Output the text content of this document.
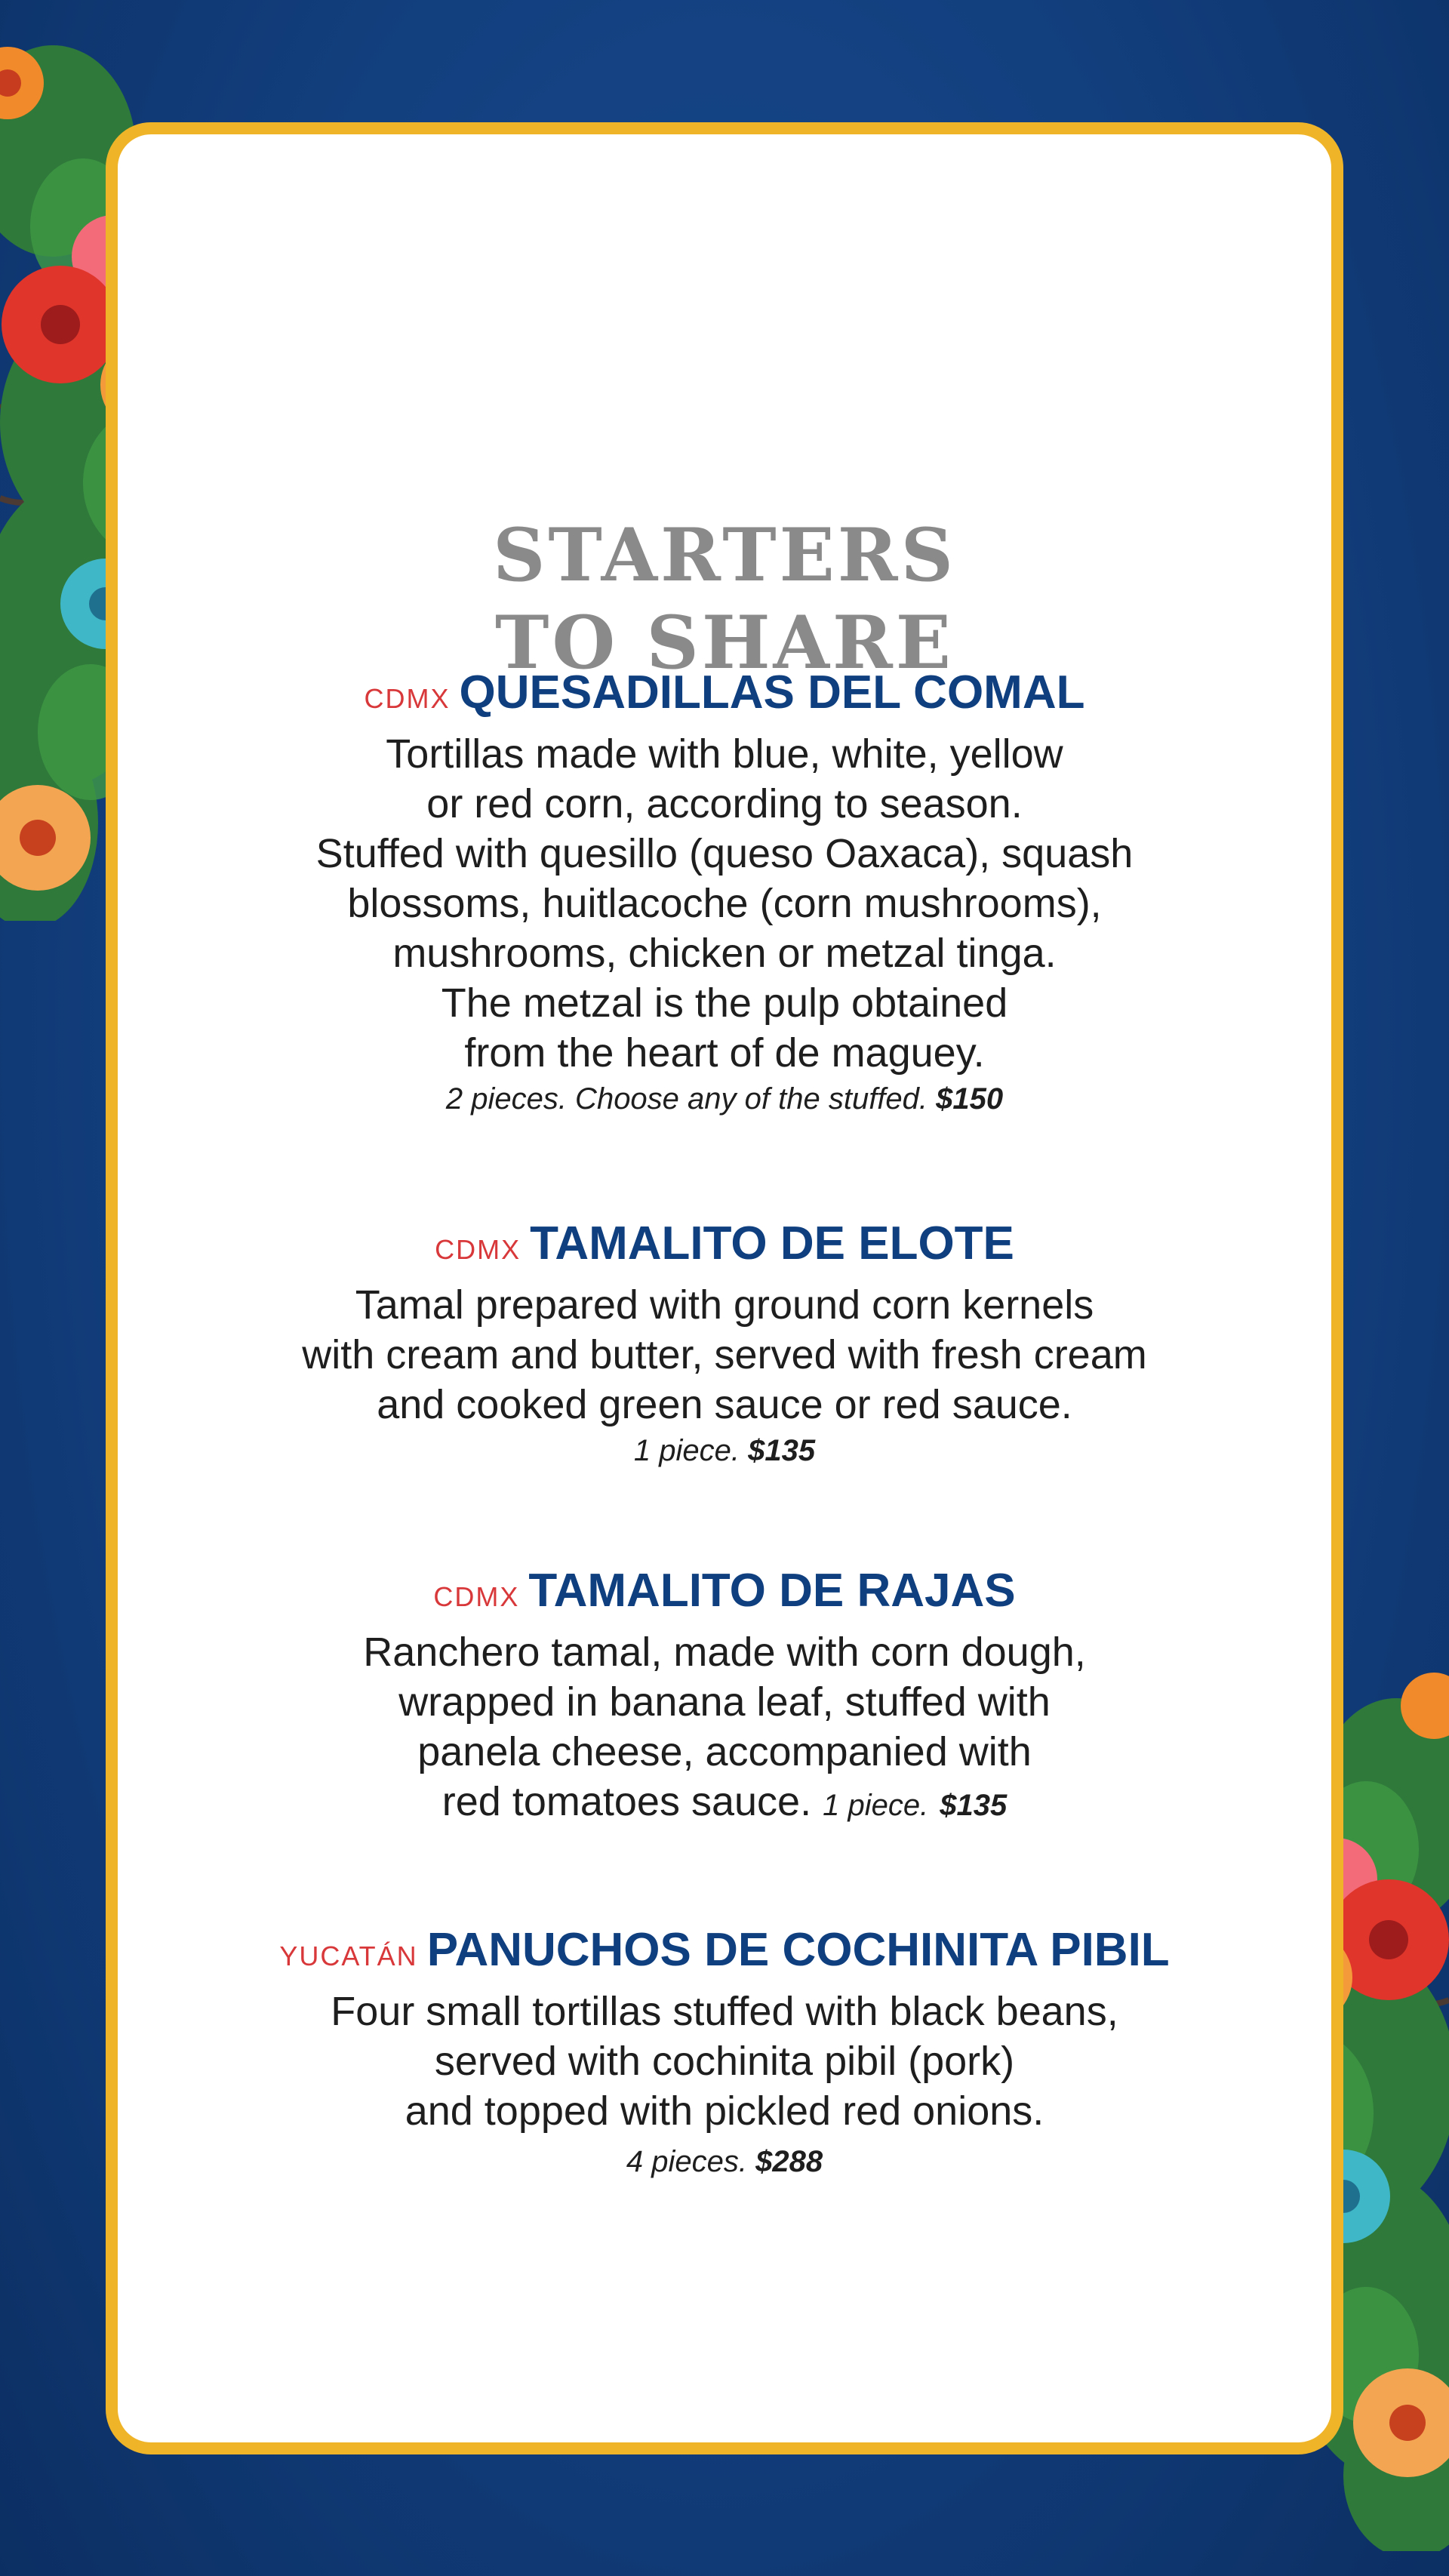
STARTERS
TO SHARE
CDMX QUESADILLAS DEL COMAL
Tortillas made with blue, white, yellow
or red corn, according to season.
Stuffed with quesillo (queso Oaxaca), squash
blossoms, huitlacoche (corn mushrooms),
mushrooms, chicken or metzal tinga.
The metzal is the pulp obtained
from the heart of de maguey.
2 pieces. Choose any of the stuffed. $150
CDMX TAMALITO DE ELOTE
Tamal prepared with ground corn kernels
with cream and butter, served with fresh cream
and cooked green sauce or red sauce.
1 piece. $135
CDMX TAMALITO DE RAJAS
Ranchero tamal, made with corn dough,
wrapped in banana leaf, stuffed with
panela cheese, accompanied with
red tomatoes sauce. 1 piece. $135
YUCATÁN PANUCHOS DE COCHINITA PIBIL
Four small tortillas stuffed with black beans,
served with cochinita pibil (pork)
and topped with pickled red onions.
4 pieces. $288
